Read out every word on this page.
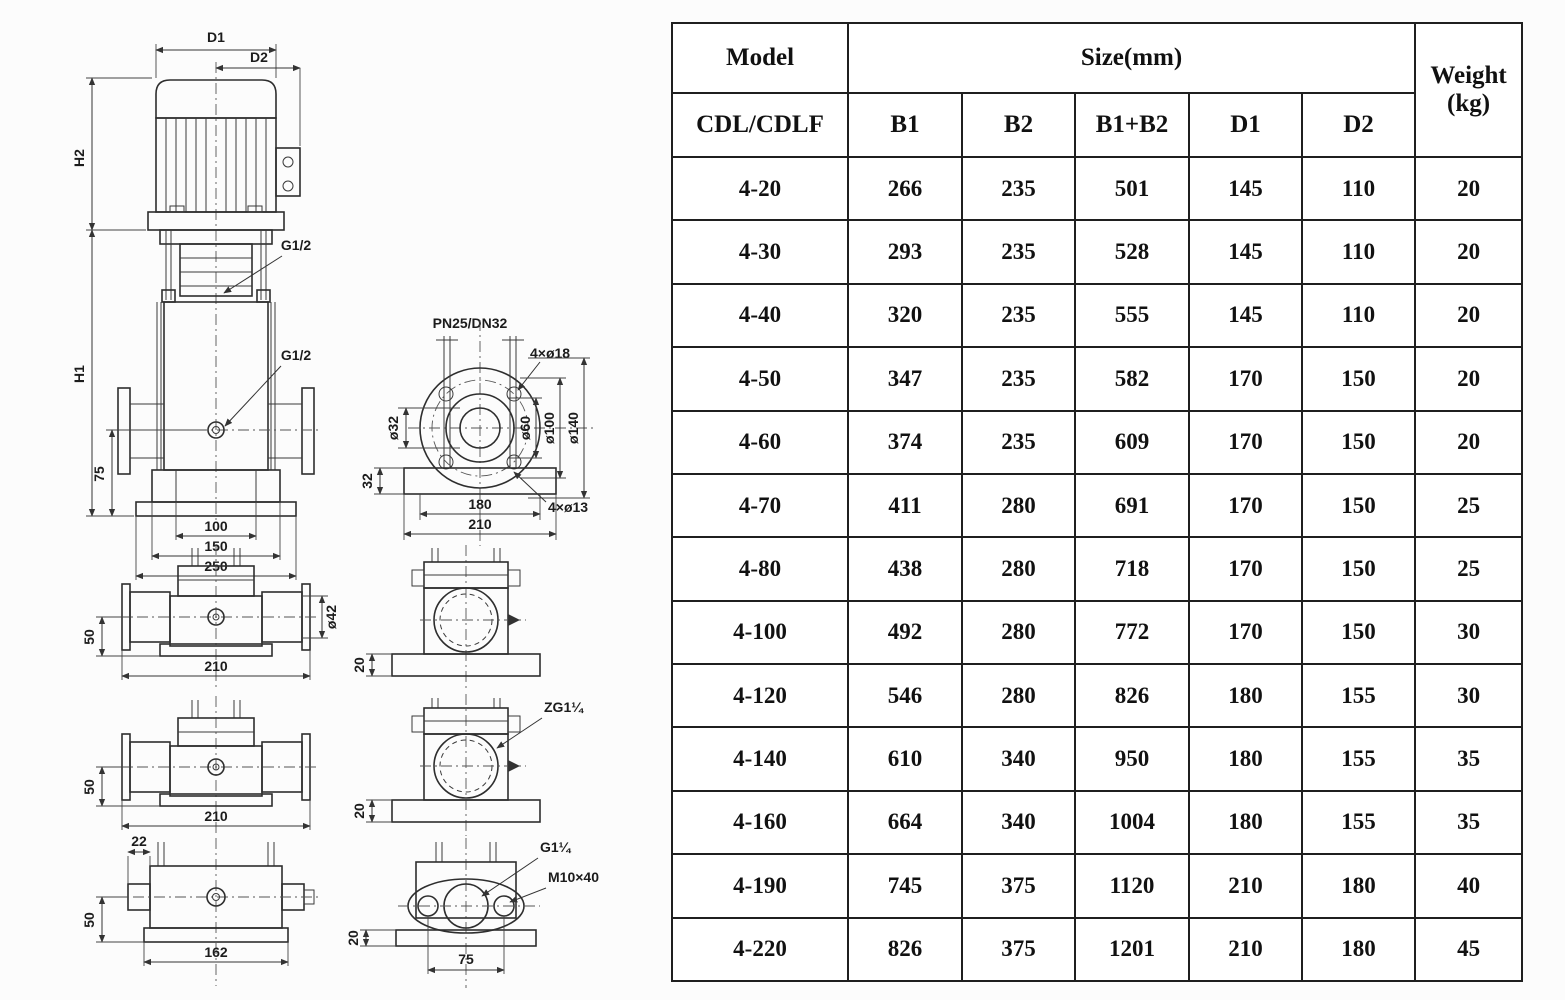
D1
D2
H2
H1
G1/2
G1/2
75
100
150
250
PN25/DN32
4×ø18
ø32	ø60 ø100 ø140
32
180
210
4×ø13
50
210
ø42
50
210
22
50
162
20
ZG1¼
20
G1¼
M10×40
20
75
Model	Size(mm)					Weight
(kg)

CDL/CDLF	B1	B2	B1+B2	D1	D2	
4-20	266	235	501	145	110	20
4-30	293	235	528	145	110	20
4-40	320	235	555	145	110	20
4-50	347	235	582	170	150	20
4-60	374	235	609	170	150	20
4-70	411	280	691	170	150	25
4-80	438	280	718	170	150	25
4-100	492	280	772	170	150	30
4-120	546	280	826	180	155	30
4-140	610	340	950	180	155	35
4-160	664	340	1004	180	155	35
4-190	745	375	1120	210	180	40
4-220	826	375	1201	210	180	45
